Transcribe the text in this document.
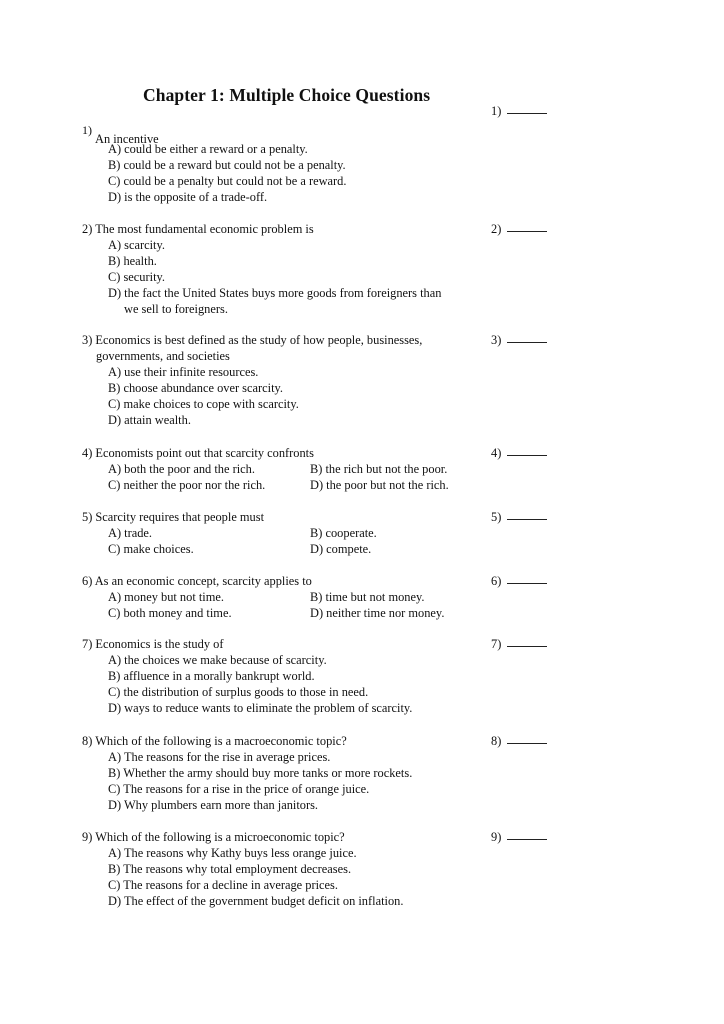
Chapter 1: Multiple Choice Questions
1)
1)An incentive
A) could be either a reward or a penalty.
B) could be a reward but could not be a penalty.
C) could be a penalty but could not be a reward.
D) is the opposite of a trade-off.
2) The most fundamental economic problem is	2)
A) scarcity.
B) health.
C) security.
D) the fact the United States buys more goods from foreigners than
we sell to foreigners.
3) Economics is best defined as the study of how people, businesses,	3)
governments, and societies
A) use their infinite resources.
B) choose abundance over scarcity.
C) make choices to cope with scarcity.
D) attain wealth.
4) Economists point out that scarcity confronts	4)
A) both the poor and the rich.	B) the rich but not the poor.
C) neither the poor nor the rich.	D) the poor but not the rich.
5) Scarcity requires that people must	5)
A) trade.	B) cooperate.
C) make choices.	D) compete.
6) As an economic concept, scarcity applies to	6)
A) money but not time.	B) time but not money.
C) both money and time.	D) neither time nor money.
7) Economics is the study of	7)
A) the choices we make because of scarcity.
B) affluence in a morally bankrupt world.
C) the distribution of surplus goods to those in need.
D) ways to reduce wants to eliminate the problem of scarcity.
8) Which of the following is a macroeconomic topic?	8)
A) The reasons for the rise in average prices.
B) Whether the army should buy more tanks or more rockets.
C) The reasons for a rise in the price of orange juice.
D) Why plumbers earn more than janitors.
9) Which of the following is a microeconomic topic?	9)
A) The reasons why Kathy buys less orange juice.
B) The reasons why total employment decreases.
C) The reasons for a decline in average prices.
D) The effect of the government budget deficit on inflation.
